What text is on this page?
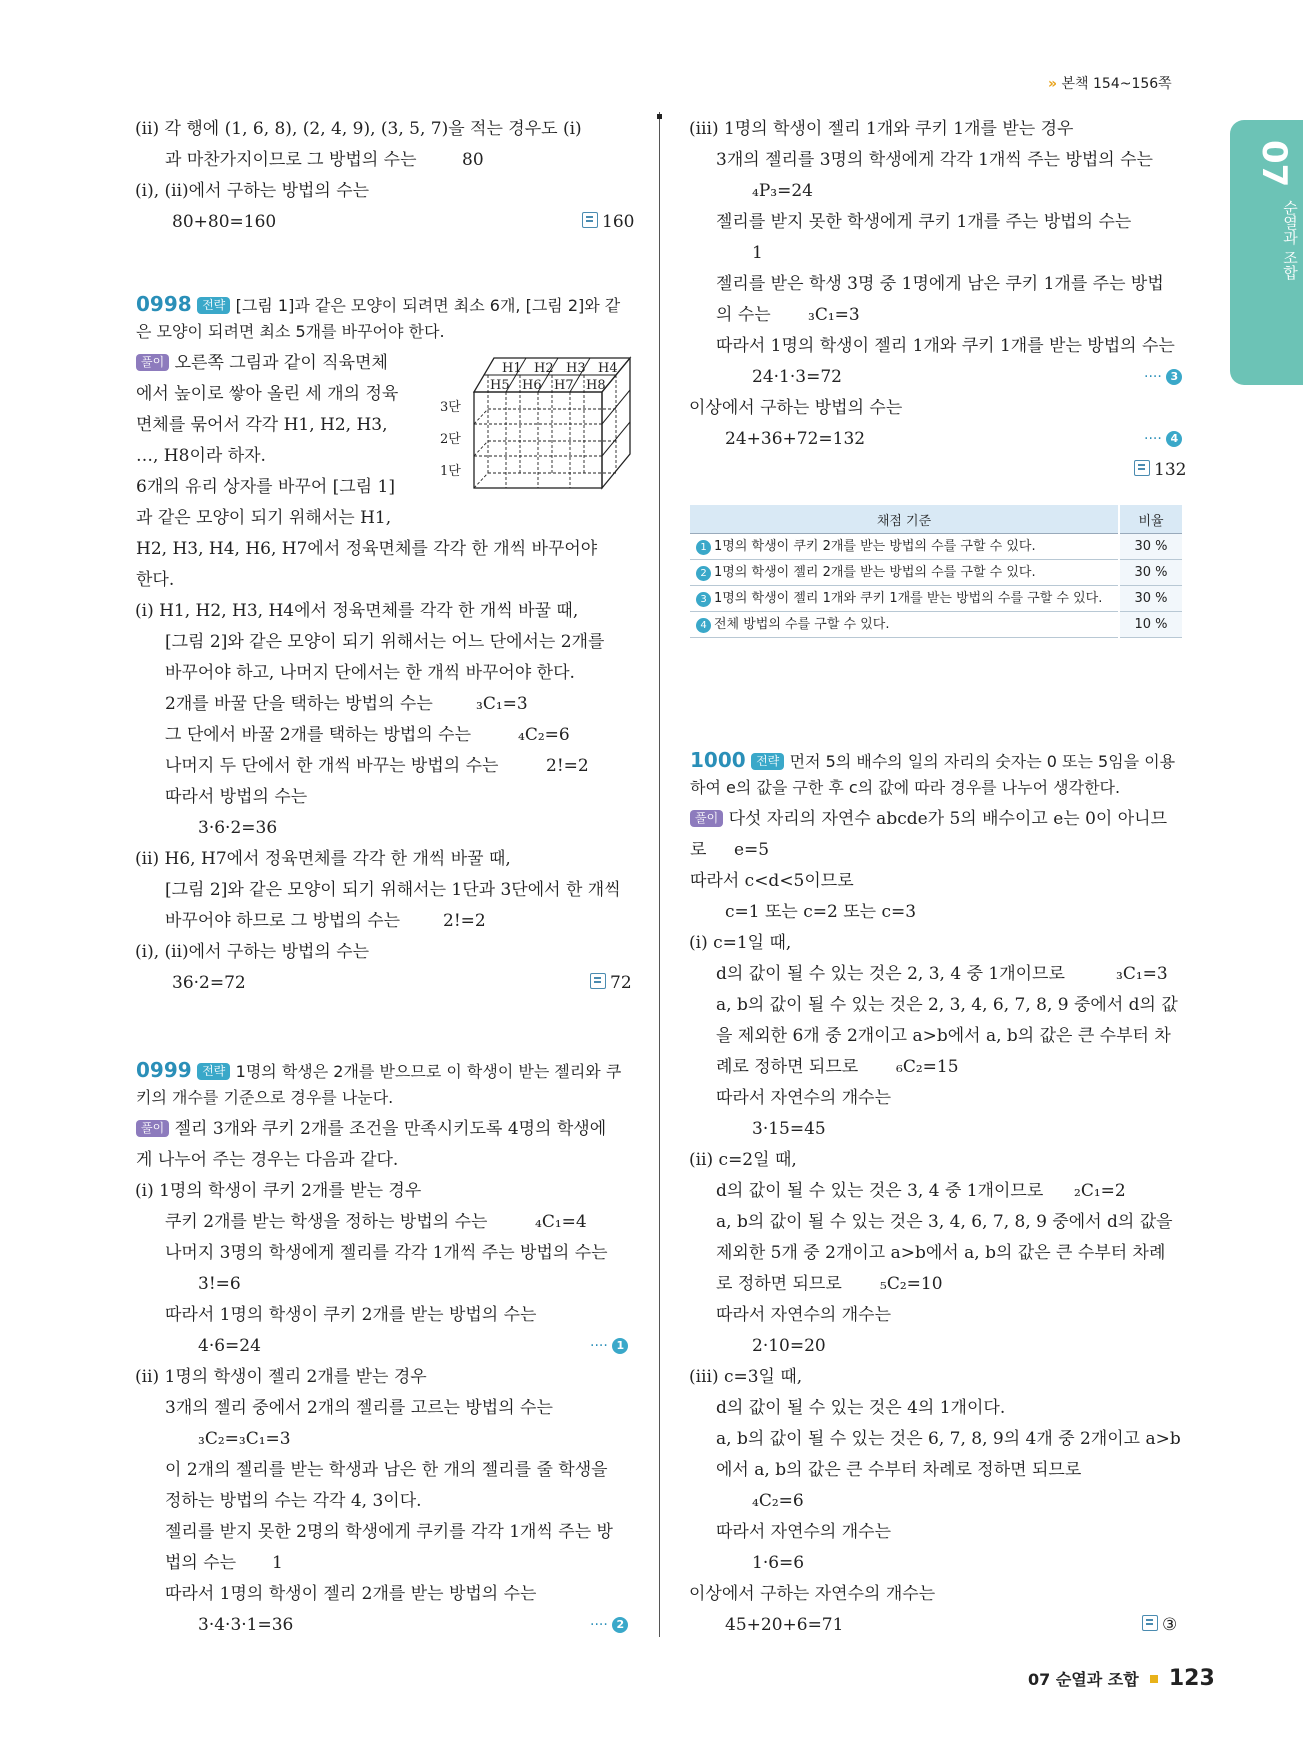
» 본책 154~156쪽
07
순열과 조합
(ⅱ) 각 행에 (1, 6, 8), (2, 4, 9), (3, 5, 7)을 적는 경우도 (ⅰ)
과 마찬가지이므로 그 방법의 수는	80
(ⅰ), (ⅱ)에서 구하는 방법의 수는
80+80=160	160
0998 전략 [그림 1]과 같은 모양이 되려면 최소 6개, [그림 2]와 같
은 모양이 되려면 최소 5개를 바꾸어야 한다.
풀이 오른쪽 그림과 같이 직육면체
에서 높이로 쌓아 올린 세 개의 정육
면체를 묶어서 각각 H1, H2, H3,
…, H8이라 하자.
6개의 유리 상자를 바꾸어 [그림 1]
과 같은 모양이 되기 위해서는 H1,
H2, H3, H4, H6, H7에서 정육면체를 각각 한 개씩 바꾸어야
한다.
H1 H2 H3 H4
H5 H6 H7 H8
3단
2단
1단
(ⅰ) H1, H2, H3, H4에서 정육면체를 각각 한 개씩 바꿀 때,
[그림 2]와 같은 모양이 되기 위해서는 어느 단에서는 2개를
바꾸어야 하고, 나머지 단에서는 한 개씩 바꾸어야 한다.
2개를 바꿀 단을 택하는 방법의 수는	₃C₁=3
그 단에서 바꿀 2개를 택하는 방법의 수는	₄C₂=6
나머지 두 단에서 한 개씩 바꾸는 방법의 수는	2!=2
따라서 방법의 수는
3·6·2=36
(ⅱ) H6, H7에서 정육면체를 각각 한 개씩 바꿀 때,
[그림 2]와 같은 모양이 되기 위해서는 1단과 3단에서 한 개씩
바꾸어야 하므로 그 방법의 수는	2!=2
(ⅰ), (ⅱ)에서 구하는 방법의 수는
36·2=72	72
0999 전략 1명의 학생은 2개를 받으므로 이 학생이 받는 젤리와 쿠
키의 개수를 기준으로 경우를 나눈다.
풀이 젤리 3개와 쿠키 2개를 조건을 만족시키도록 4명의 학생에
게 나누어 주는 경우는 다음과 같다.
(ⅰ) 1명의 학생이 쿠키 2개를 받는 경우
쿠키 2개를 받는 학생을 정하는 방법의 수는	₄C₁=4
나머지 3명의 학생에게 젤리를 각각 1개씩 주는 방법의 수는
3!=6
따라서 1명의 학생이 쿠키 2개를 받는 방법의 수는
4·6=24	···· 1
(ⅱ) 1명의 학생이 젤리 2개를 받는 경우
3개의 젤리 중에서 2개의 젤리를 고르는 방법의 수는
₃C₂=₃C₁=3
이 2개의 젤리를 받는 학생과 남은 한 개의 젤리를 줄 학생을
정하는 방법의 수는 각각 4, 3이다.
젤리를 받지 못한 2명의 학생에게 쿠키를 각각 1개씩 주는 방
법의 수는 1
따라서 1명의 학생이 젤리 2개를 받는 방법의 수는
3·4·3·1=36	···· 2
(ⅲ) 1명의 학생이 젤리 1개와 쿠키 1개를 받는 경우
3개의 젤리를 3명의 학생에게 각각 1개씩 주는 방법의 수는
₄P₃=24
젤리를 받지 못한 학생에게 쿠키 1개를 주는 방법의 수는
1
젤리를 받은 학생 3명 중 1명에게 남은 쿠키 1개를 주는 방법
의 수는 ₃C₁=3
따라서 1명의 학생이 젤리 1개와 쿠키 1개를 받는 방법의 수는
24·1·3=72	···· 3
이상에서 구하는 방법의 수는
24+36+72=132	···· 4
132
채점 기준	비율
1 1명의 학생이 쿠키 2개를 받는 방법의 수를 구할 수 있다.	30 %
2 1명의 학생이 젤리 2개를 받는 방법의 수를 구할 수 있다.	30 %
3 1명의 학생이 젤리 1개와 쿠키 1개를 받는 방법의 수를 구할 수 있다.	30 %
4 전체 방법의 수를 구할 수 있다.	10 %
1000 전략 먼저 5의 배수의 일의 자리의 숫자는 0 또는 5임을 이용
하여 e의 값을 구한 후 c의 값에 따라 경우를 나누어 생각한다.
풀이 다섯 자리의 자연수 abcde가 5의 배수이고 e는 0이 아니므
로 e=5
따라서 c<d<5이므로
c=1 또는 c=2 또는 c=3
(ⅰ) c=1일 때,
d의 값이 될 수 있는 것은 2, 3, 4 중 1개이므로	₃C₁=3
a, b의 값이 될 수 있는 것은 2, 3, 4, 6, 7, 8, 9 중에서 d의 값
을 제외한 6개 중 2개이고 a>b에서 a, b의 값은 큰 수부터 차
례로 정하면 되므로 ₆C₂=15
따라서 자연수의 개수는
3·15=45
(ⅱ) c=2일 때,
d의 값이 될 수 있는 것은 3, 4 중 1개이므로 ₂C₁=2
a, b의 값이 될 수 있는 것은 3, 4, 6, 7, 8, 9 중에서 d의 값을
제외한 5개 중 2개이고 a>b에서 a, b의 값은 큰 수부터 차례
로 정하면 되므로 ₅C₂=10
따라서 자연수의 개수는
2·10=20
(ⅲ) c=3일 때,
d의 값이 될 수 있는 것은 4의 1개이다.
a, b의 값이 될 수 있는 것은 6, 7, 8, 9의 4개 중 2개이고 a>b
에서 a, b의 값은 큰 수부터 차례로 정하면 되므로
₄C₂=6
따라서 자연수의 개수는
1·6=6
이상에서 구하는 자연수의 개수는
45+20+6=71	③
07 순열과 조합 123
